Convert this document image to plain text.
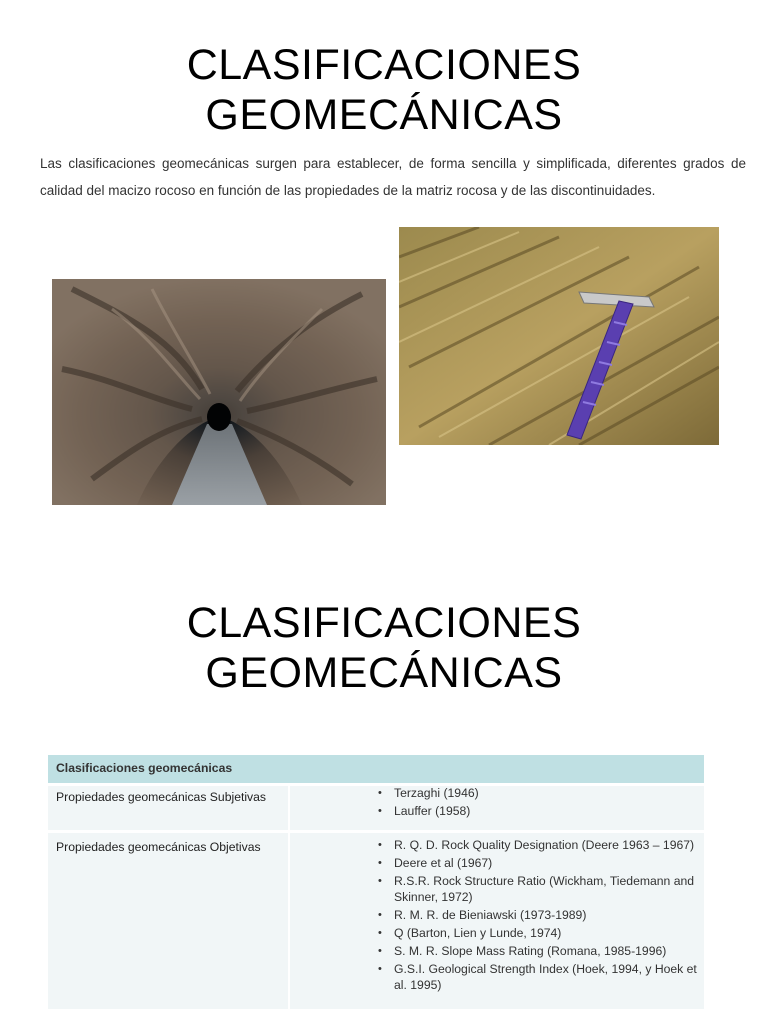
CLASIFICACIONES
GEOMECÁNICAS

Las clasificaciones geomecánicas surgen para establecer, de forma sencilla y simplificada, diferentes grados de calidad del macizo rocoso en función de las propiedades de la matriz rocosa y de las discontinuidades.

CLASIFICACIONES
GEOMECÁNICAS
Clasificaciones geomecánicas
Propiedades geomecánicas Subjetivas	• Terzaghi (1946)
• Lauffer (1958)
Propiedades geomecánicas Objetivas	• R. Q. D. Rock Quality Designation (Deere 1963 – 1967)
• Deere et al (1967)
• R.S.R. Rock Structure Ratio (Wickham, Tiedemann and Skinner, 1972)
• R. M. R. de Bieniawski (1973-1989)
• Q (Barton, Lien y Lunde, 1974)
• S. M. R. Slope Mass Rating (Romana, 1985-1996)
• G.S.I. Geological Strength Index (Hoek, 1994, y Hoek et al. 1995)
